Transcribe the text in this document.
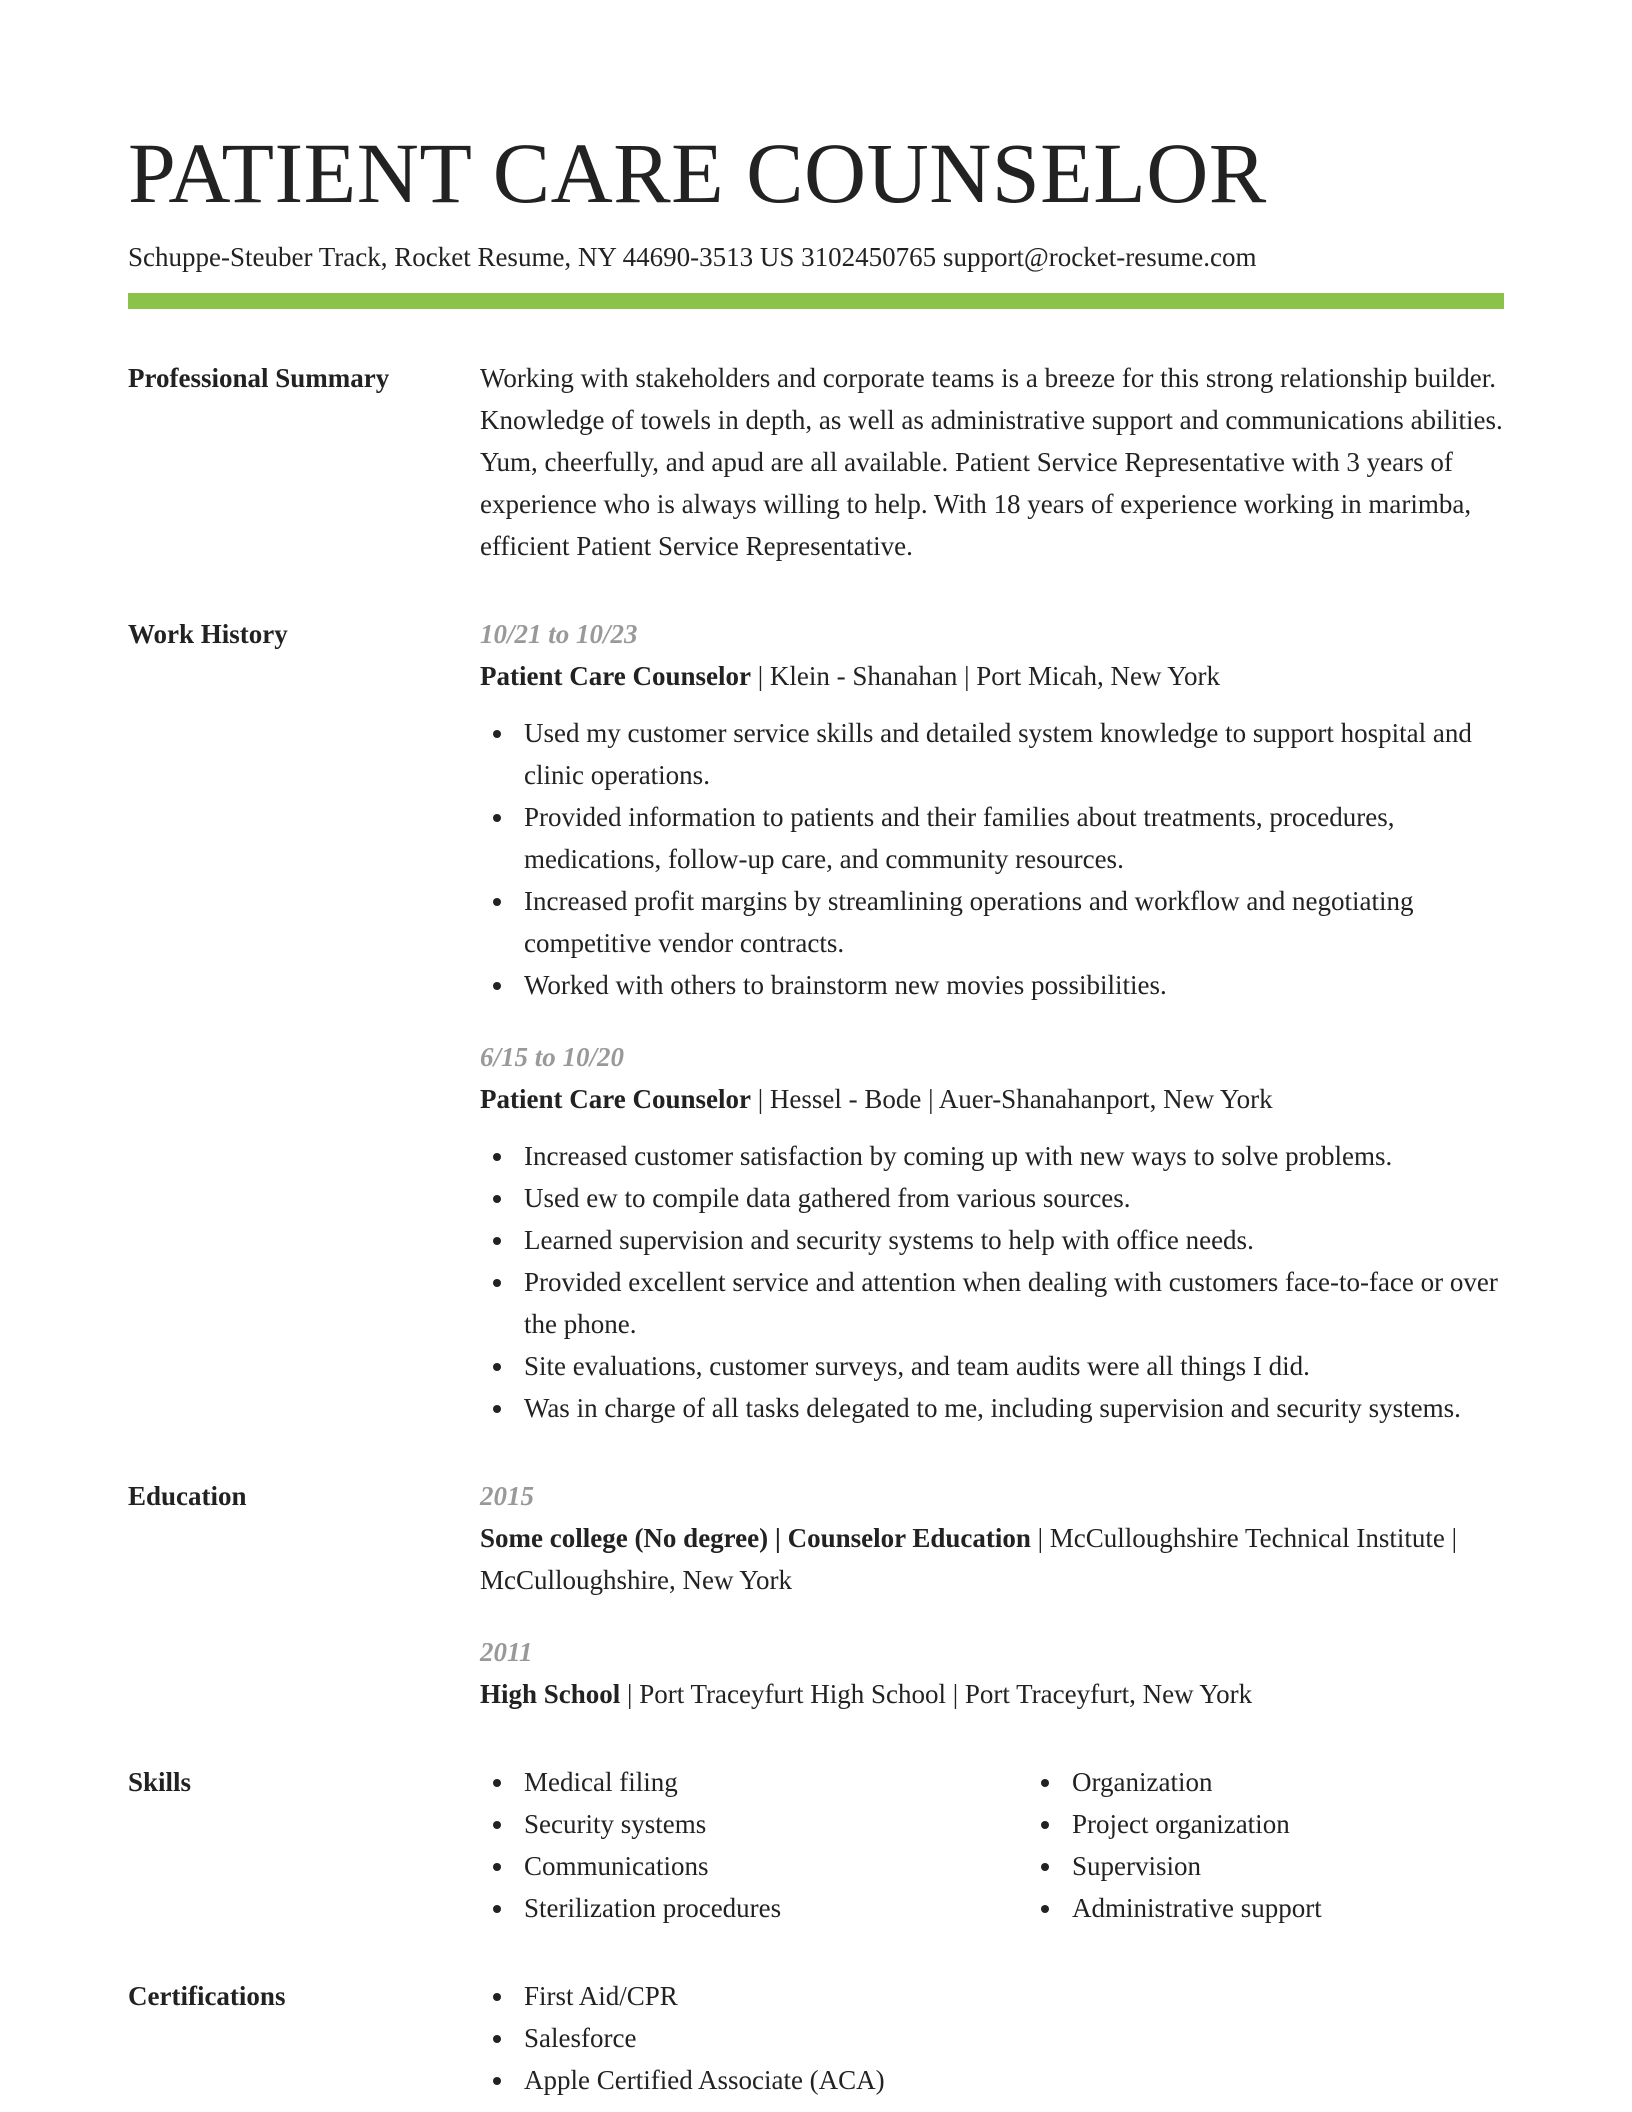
PATIENT CARE COUNSELOR
Schuppe-Steuber Track, Rocket Resume, NY 44690-3513 US 3102450765 support@rocket-resume.com
Professional Summary	Working with stakeholders and corporate teams is a breeze for this strong relationship builder. Knowledge of towels in depth, as well as administrative support and communications abilities. Yum, cheerfully, and apud are all available. Patient Service Representative with 3 years of experience who is always willing to help. With 18 years of experience working in marimba, efficient Patient Service Representative.

Work History	10/21 to 10/23

Patient Care Counselor | Klein - Shanahan | Port Micah, New York

Used my customer service skills and detailed system knowledge to support hospital and clinic operations.
Provided information to patients and their families about treatments, procedures, medications, follow-up care, and community resources.
Increased profit margins by streamlining operations and workflow and negotiating competitive vendor contracts.
Worked with others to brainstorm new movies possibilities.
6/15 to 10/20

Patient Care Counselor | Hessel - Bode | Auer-Shanahanport, New York

Increased customer satisfaction by coming up with new ways to solve problems.
Used ew to compile data gathered from various sources.
Learned supervision and security systems to help with office needs.
Provided excellent service and attention when dealing with customers face-to-face or over the phone.
Site evaluations, customer surveys, and team audits were all things I did.
Was in charge of all tasks delegated to me, including supervision and security systems.
Education	2015

Some college (No degree) | Counselor Education | McCulloughshire Technical Institute | McCulloughshire, New York

2011

High School | Port Traceyfurt High School | Port Traceyfurt, New York

Skills	Medical filing
Security systems
Communications
Sterilization procedures
Organization
Project organization
Supervision
Administrative support
Certifications	First Aid/CPR
Salesforce
Apple Certified Associate (ACA)
